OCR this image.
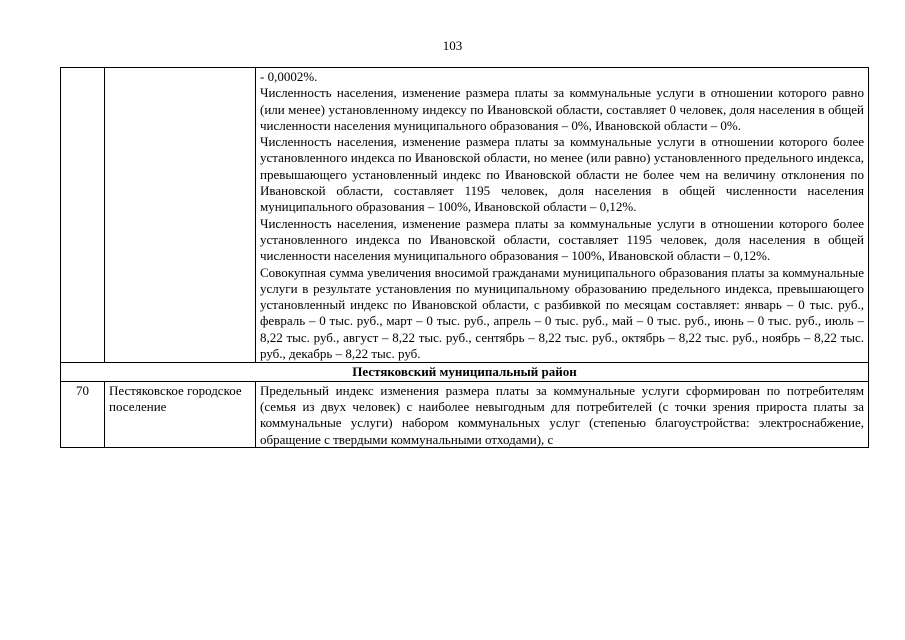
103

		- 0,0002%.

Численность населения, изменение размера платы за коммунальные услуги в отношении которого равно (или менее) установленному индексу по Ивановской области, составляет 0 человек, доля населения в общей численности населения муниципального образования – 0%, Ивановской области – 0%.

Численность населения, изменение размера платы за коммунальные услуги в отношении которого более установленного индекса по Ивановской области, но менее (или равно) установленного предельного индекса, превышающего установленный индекс по Ивановской области не более чем на величину отклонения по Ивановской области, составляет 1195 человек, доля населения в общей численности населения муниципального образования – 100%, Ивановской области – 0,12%.

Численность населения, изменение размера платы за коммунальные услуги в отношении которого более установленного индекса по Ивановской области, составляет 1195 человек, доля населения в общей численности населения муниципального образования – 100%, Ивановской области – 0,12%.

Совокупная сумма увеличения вносимой гражданами муниципального образования платы за коммунальные услуги в результате установления по муниципальному образованию предельного индекса, превышающего установленный индекс по Ивановской области, с разбивкой по месяцам составляет: январь – 0 тыс. руб., февраль – 0 тыс. руб., март – 0 тыс. руб., апрель – 0 тыс. руб., май – 0 тыс. руб., июнь – 0 тыс. руб., июль – 8,22 тыс. руб., август – 8,22 тыс. руб., сентябрь – 8,22 тыс. руб., октябрь – 8,22 тыс. руб., ноябрь – 8,22 тыс. руб., декабрь – 8,22 тыс. руб.

Пестяковский муниципальный район		
70	Пестяковское городское поселение	Предельный индекс изменения размера платы за коммунальные услуги сформирован по потребителям (семья из двух человек) с наиболее невыгодным для потребителей (с точки зрения прироста платы за коммунальные услуги) набором коммунальных услуг (степенью благоустройства: электроснабжение, обращение с твердыми коммунальными отходами), с
